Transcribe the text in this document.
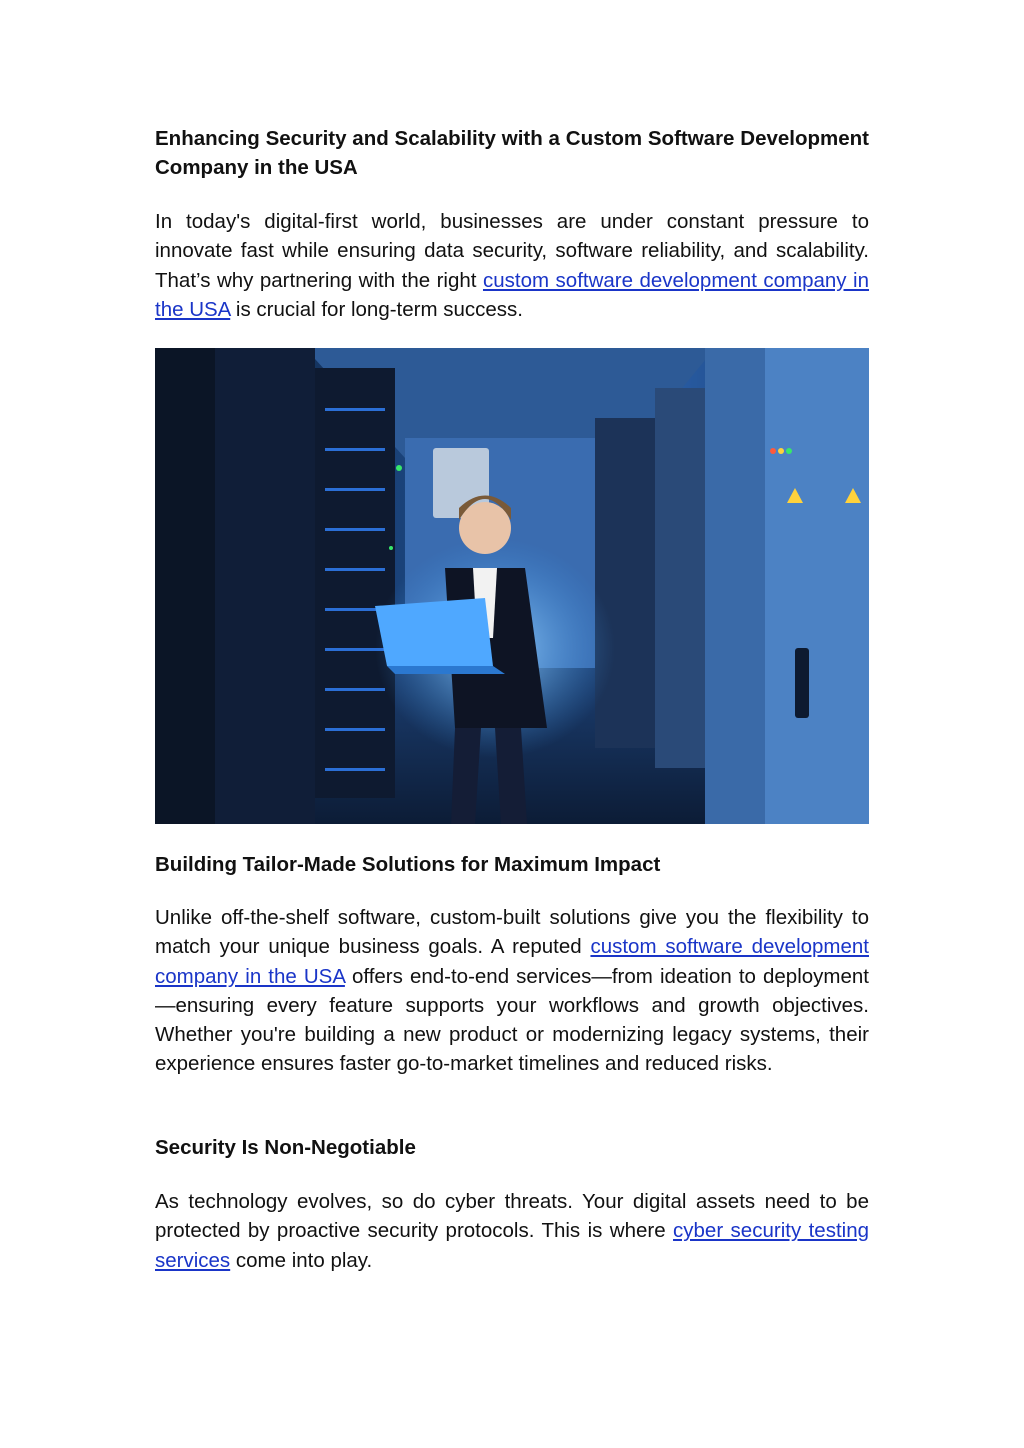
Enhancing Security and Scalability with a Custom Software Development Company in the USA

In today's digital-first world, businesses are under constant pressure to innovate fast while ensuring data security, software reliability, and scalability. That’s why partnering with the right custom software development company in the USA is crucial for long-term success.

Building Tailor-Made Solutions for Maximum Impact

Unlike off-the-shelf software, custom-built solutions give you the flexibility to match your unique business goals. A reputed custom software development company in the USA offers end-to-end services—from ideation to deployment—ensuring every feature supports your workflows and growth objectives. Whether you're building a new product or modernizing legacy systems, their experience ensures faster go-to-market timelines and reduced risks.

Security Is Non-Negotiable

As technology evolves, so do cyber threats. Your digital assets need to be protected by proactive security protocols. This is where cyber security testing services come into play.
